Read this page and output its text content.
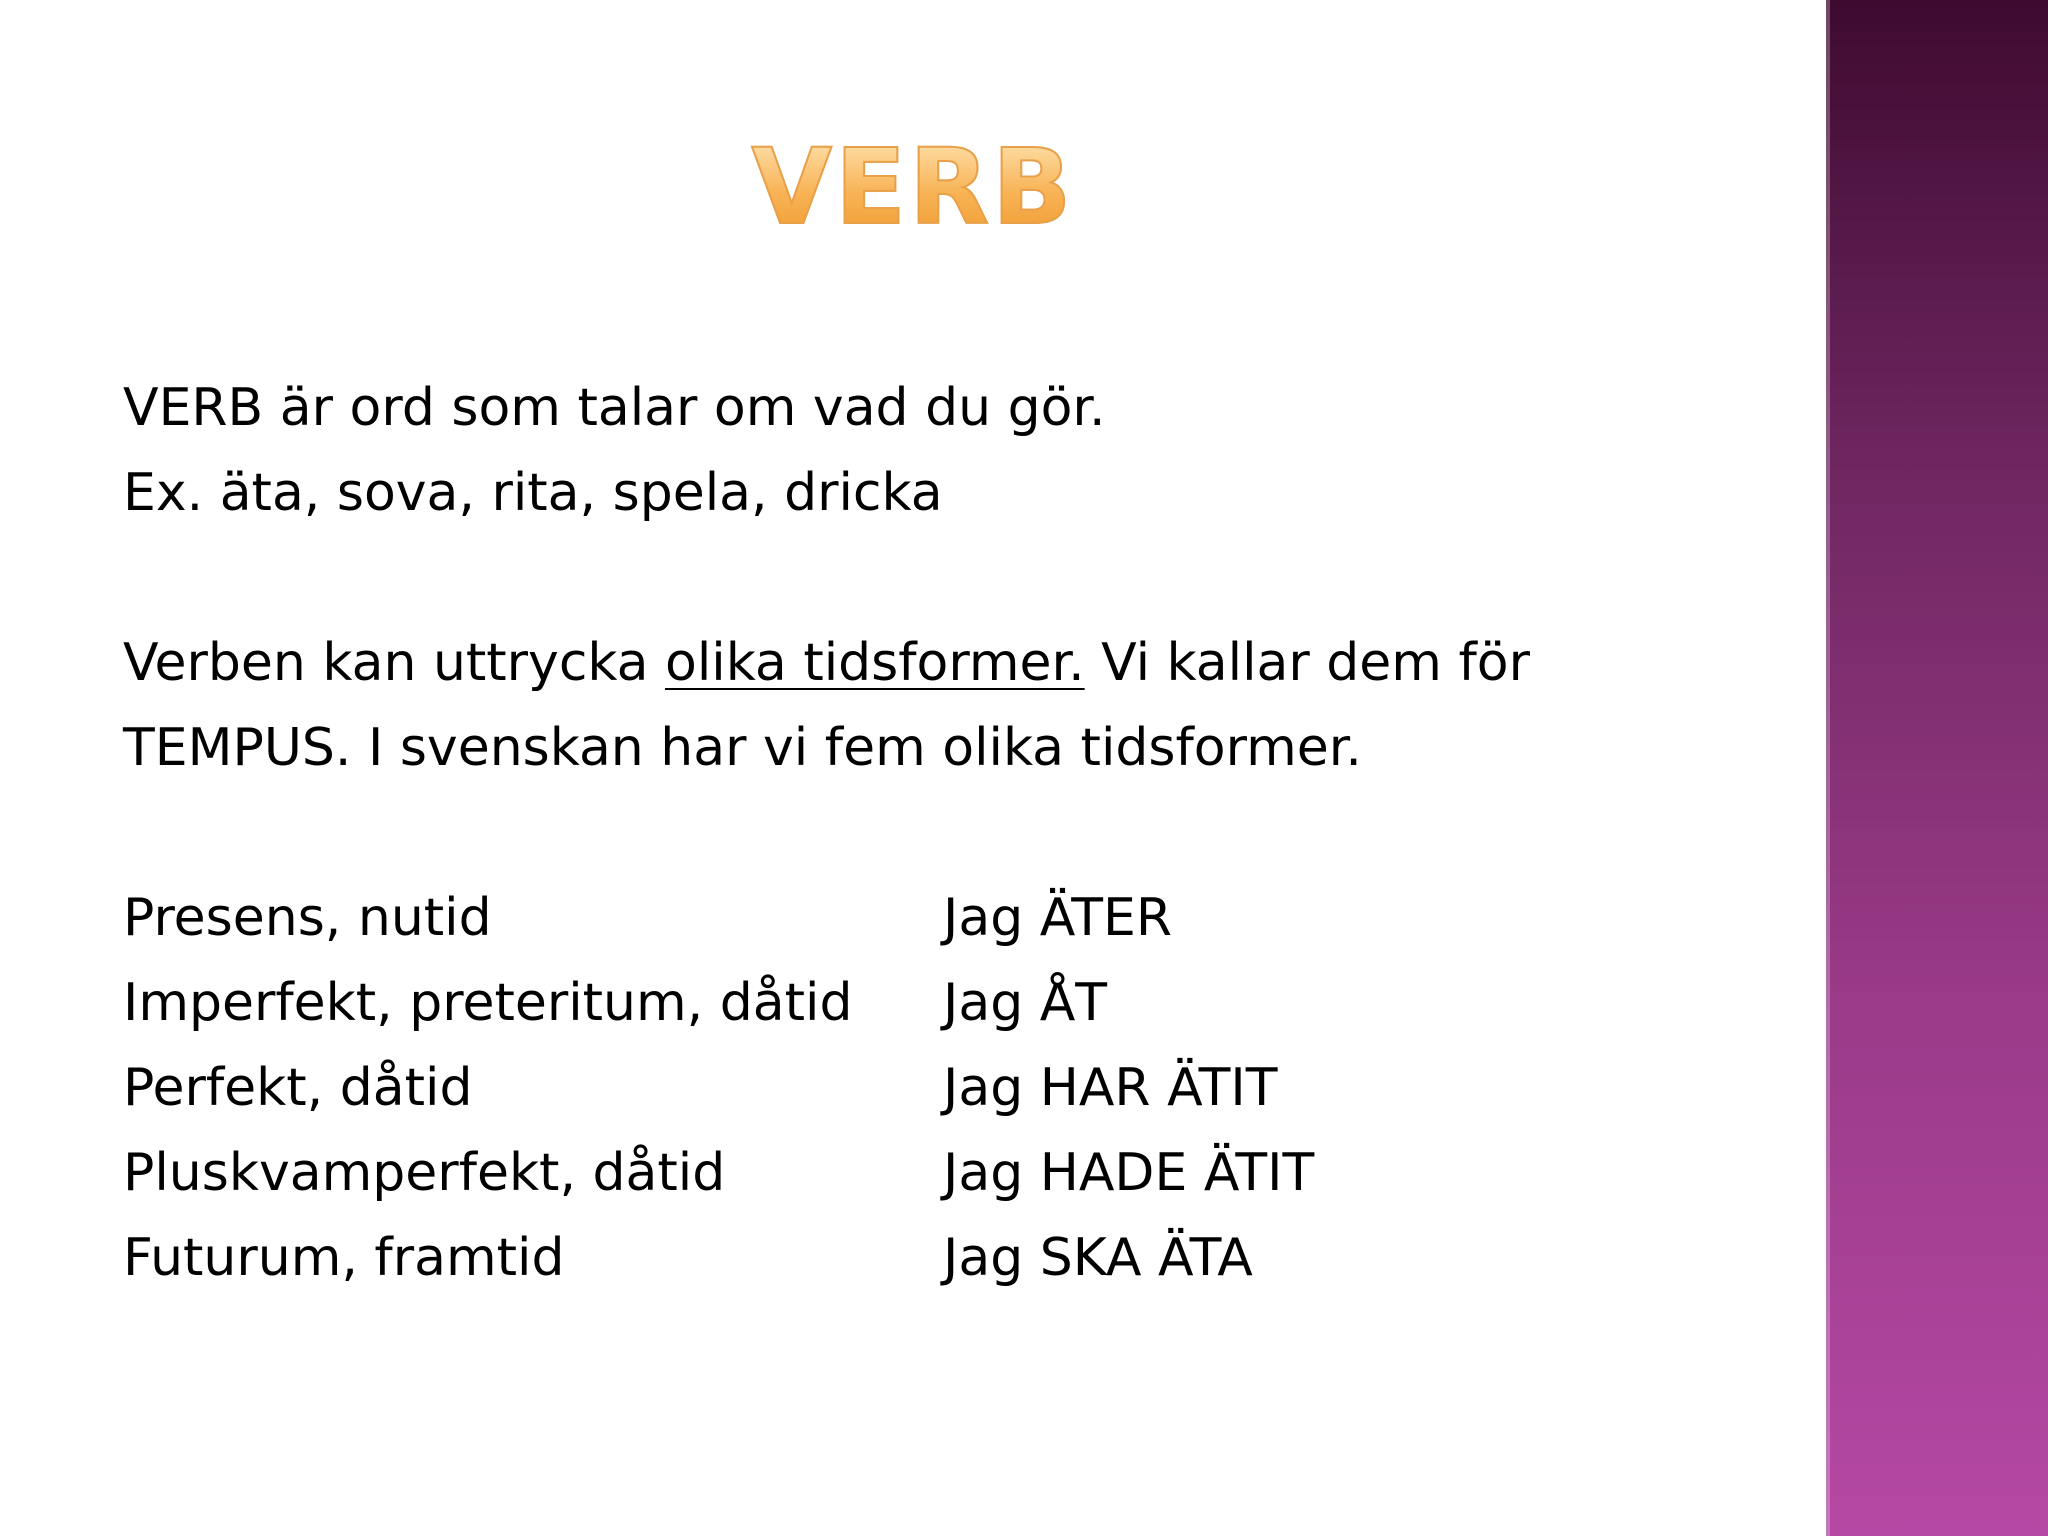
VERB
VERB är ord som talar om vad du gör.
Ex. äta, sova, rita, spela, dricka
Verben kan uttrycka olika tidsformer. Vi kallar dem för
TEMPUS. I svenskan har vi fem olika tidsformer.
Presens, nutid	Jag ÄTER
Imperfekt, preteritum, dåtid	Jag ÅT
Perfekt, dåtid	Jag HAR ÄTIT
Pluskvamperfekt, dåtid	Jag HADE ÄTIT
Futurum, framtid	Jag SKA ÄTA
